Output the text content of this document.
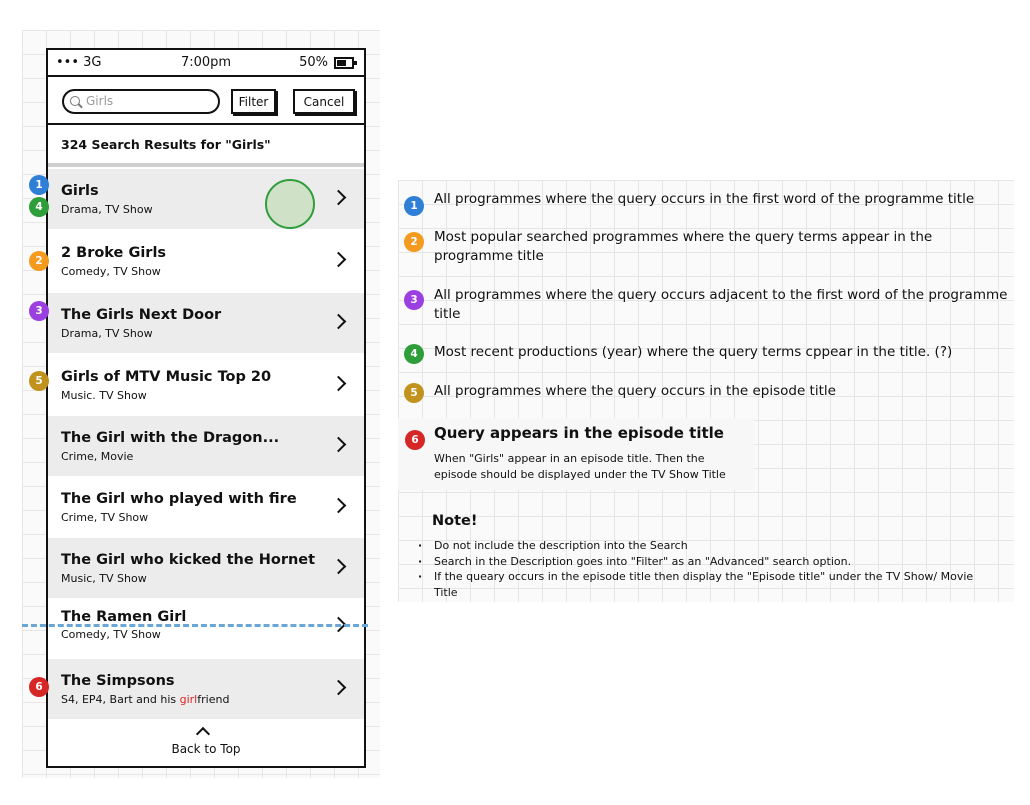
••• 3G	7:00pm	50%
Girls	Filter	Cancel
324 Search Results for "Girls"
Girls
Drama, TV Show
2 Broke Girls
Comedy, TV Show
The Girls Next Door
Drama, TV Show
Girls of MTV Music Top 20
Music. TV Show
The Girl with the Dragon...
Crime, Movie
The Girl who played with fire
Crime, TV Show
The Girl who kicked the Hornet
Music, TV Show
The Ramen Girl
Comedy, TV Show
The Simpsons
S4, EP4, Bart and his girlfriend
Back to Top
1
4
2
3
5
6
1	All programmes where the query occurs in the first word of the programme title
2	Most popular searched programmes where the query terms appear in the programme title
3	All programmes where the query occurs adjacent to the first word of the programme title
4	Most recent productions (year) where the query terms cppear in the title. (?)
5	All programmes where the query occurs in the episode title
6	Query appears in the episode title
When "Girls" appear in an episode title. Then the episode should be displayed under the TV Show Title
Note!
· Do not include the description into the Search
· Search in the Description goes into "Filter" as an "Advanced" search option.
· If the queary occurs in the episode title then display the "Episode title" under the TV Show/ Movie Title
